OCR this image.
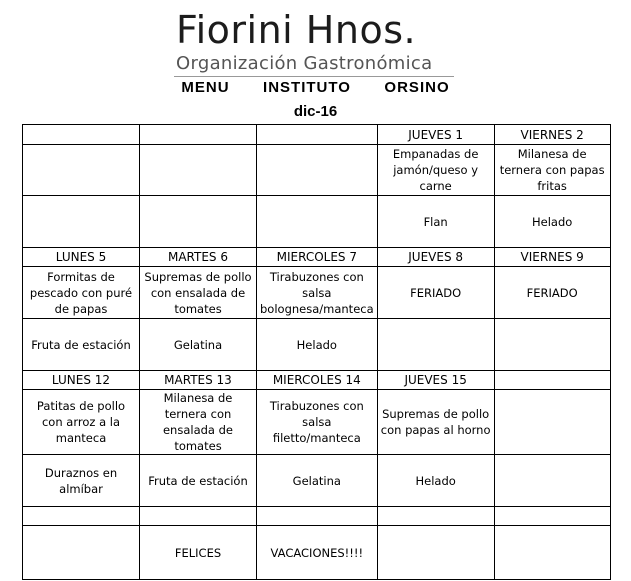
Fiorini Hnos.
Organización Gastronómica
MENU   INSTITUTO   ORSINO
dic-16
			JUEVES 1	VIERNES 2
			Empanadas de jamón/queso y carne	Milanesa de ternera con papas fritas
			Flan	Helado
LUNES 5	MARTES 6	MIERCOLES 7	JUEVES 8	VIERNES 9
Formitas de pescado con puré de papas	Supremas de pollo con ensalada de tomates	Tirabuzones con salsa bolognesa/manteca	FERIADO	FERIADO
Fruta de estación	Gelatina	Helado		
LUNES 12	MARTES 13	MIERCOLES 14	JUEVES 15	
Patitas de pollo con arroz a la manteca	Milanesa de ternera con ensalada de tomates	Tirabuzones con salsa filetto/manteca	Supremas de pollo con papas al horno	
Duraznos en almíbar	Fruta de estación	Gelatina	Helado	

	FELICES	VACACIONES!!!!		
